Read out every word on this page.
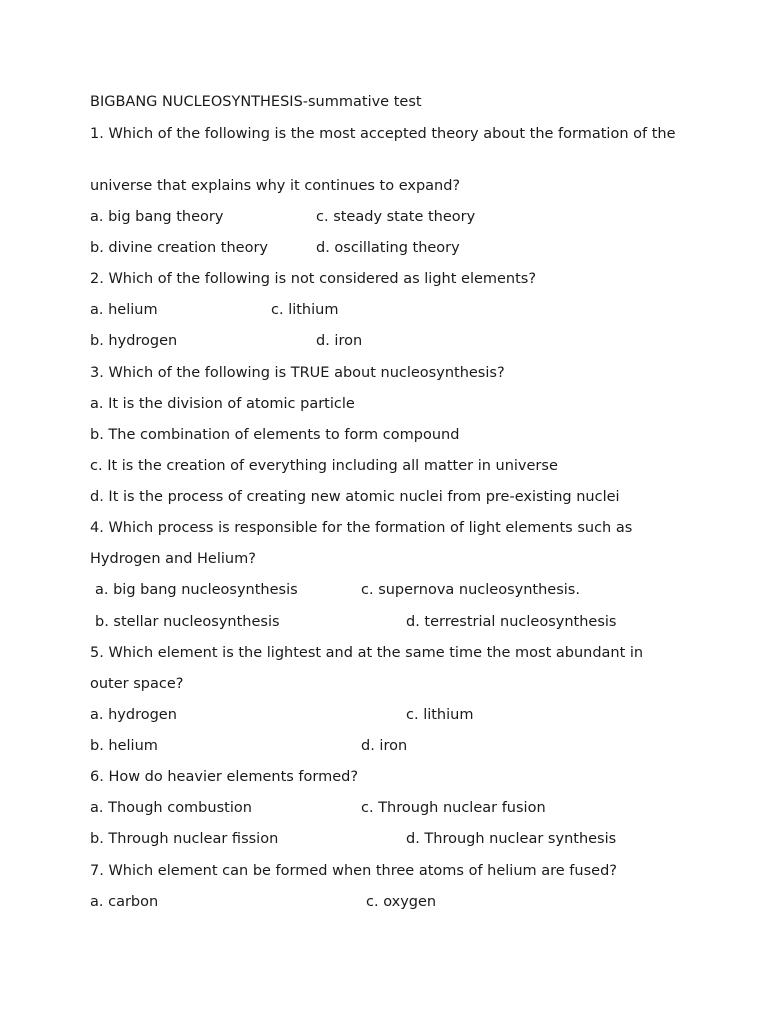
BIGBANG NUCLEOSYNTHESIS-summative test
1. Which of the following is the most accepted theory about the formation of the
universe that explains why it continues to expand?
a. big bang theory	c. steady state theory
b. divine creation theory	d. oscillating theory
2. Which of the following is not considered as light elements?
a. helium	c. lithium
b. hydrogen	d. iron
3. Which of the following is TRUE about nucleosynthesis?
a. It is the division of atomic particle
b. The combination of elements to form compound
c. It is the creation of everything including all matter in universe
d. It is the process of creating new atomic nuclei from pre-existing nuclei
4. Which process is responsible for the formation of light elements such as
Hydrogen and Helium?
a. big bang nucleosynthesis	c. supernova nucleosynthesis.
b. stellar nucleosynthesis	d. terrestrial nucleosynthesis
5. Which element is the lightest and at the same time the most abundant in
outer space?
a. hydrogen	c. lithium
b. helium	d. iron
6. How do heavier elements formed?
a. Though combustion	c. Through nuclear fusion
b. Through nuclear fission	d. Through nuclear synthesis
7. Which element can be formed when three atoms of helium are fused?
a. carbon	c. oxygen
